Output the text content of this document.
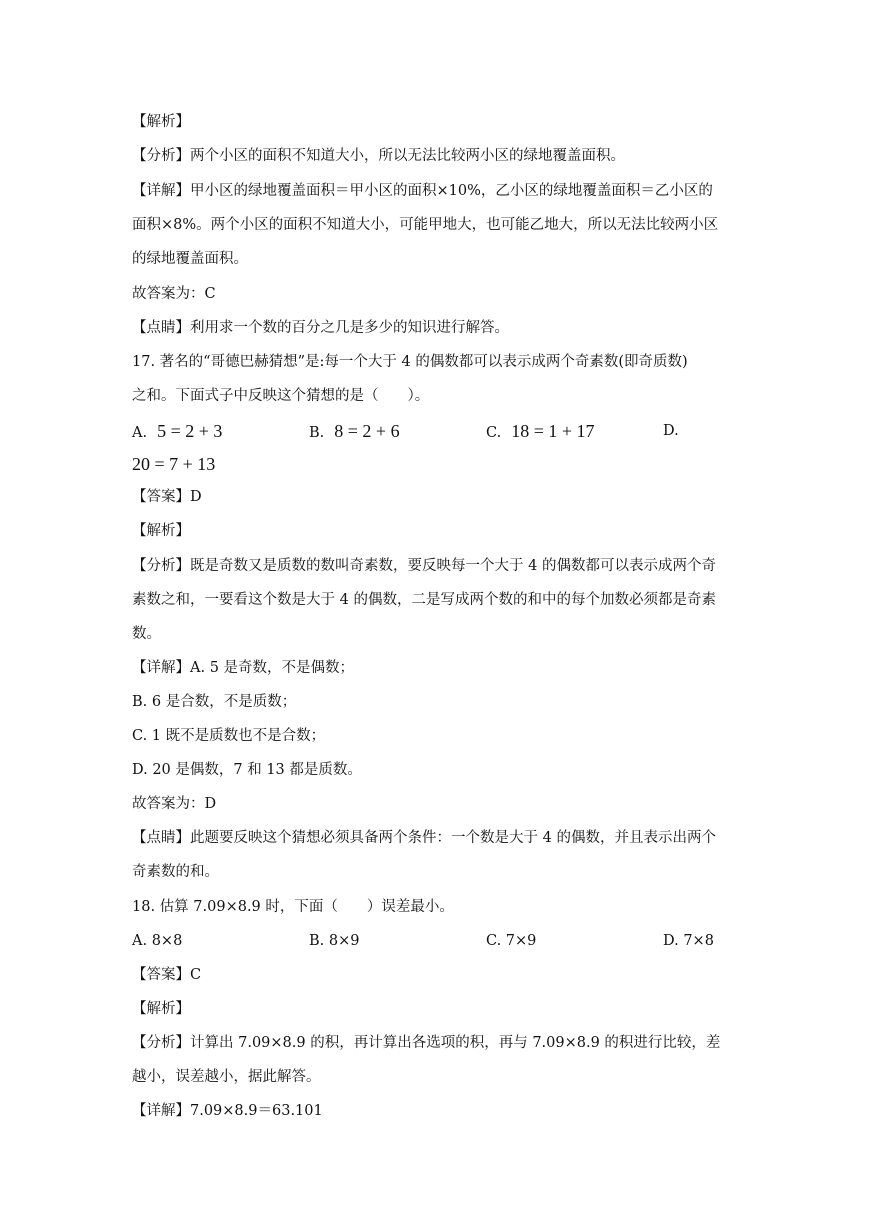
【解析】
【分析】两个小区的面积不知道大小，所以无法比较两小区的绿地覆盖面积。
【详解】甲小区的绿地覆盖面积＝甲小区的面积×10%，乙小区的绿地覆盖面积＝乙小区的
面积×8%。两个小区的面积不知道大小，可能甲地大，也可能乙地大，所以无法比较两小区
的绿地覆盖面积。
故答案为：C
【点睛】利用求一个数的百分之几是多少的知识进行解答。
17. 著名的“哥德巴赫猜想”是:每一个大于 4 的偶数都可以表示成两个奇素数(即奇质数)
之和。下面式子中反映这个猜想的是（　　）。
A. 5 = 2 + 3	B. 8 = 2 + 6	C. 18 = 1 + 17	D.
20 = 7 + 13
【答案】D
【解析】
【分析】既是奇数又是质数的数叫奇素数，要反映每一个大于 4 的偶数都可以表示成两个奇
素数之和，一要看这个数是大于 4 的偶数，二是写成两个数的和中的每个加数必须都是奇素
数。
【详解】A. 5 是奇数，不是偶数；
B. 6 是合数，不是质数；
C. 1 既不是质数也不是合数；
D. 20 是偶数，7 和 13 都是质数。
故答案为：D
【点睛】此题要反映这个猜想必须具备两个条件：一个数是大于 4 的偶数，并且表示出两个
奇素数的和。
18. 估算 7.09×8.9 时，下面（　　）误差最小。
A. 8×8	B. 8×9	C. 7×9	D. 7×8
【答案】C
【解析】
【分析】计算出 7.09×8.9 的积，再计算出各选项的积，再与 7.09×8.9 的积进行比较，差
越小，误差越小，据此解答。
【详解】7.09×8.9＝63.101
